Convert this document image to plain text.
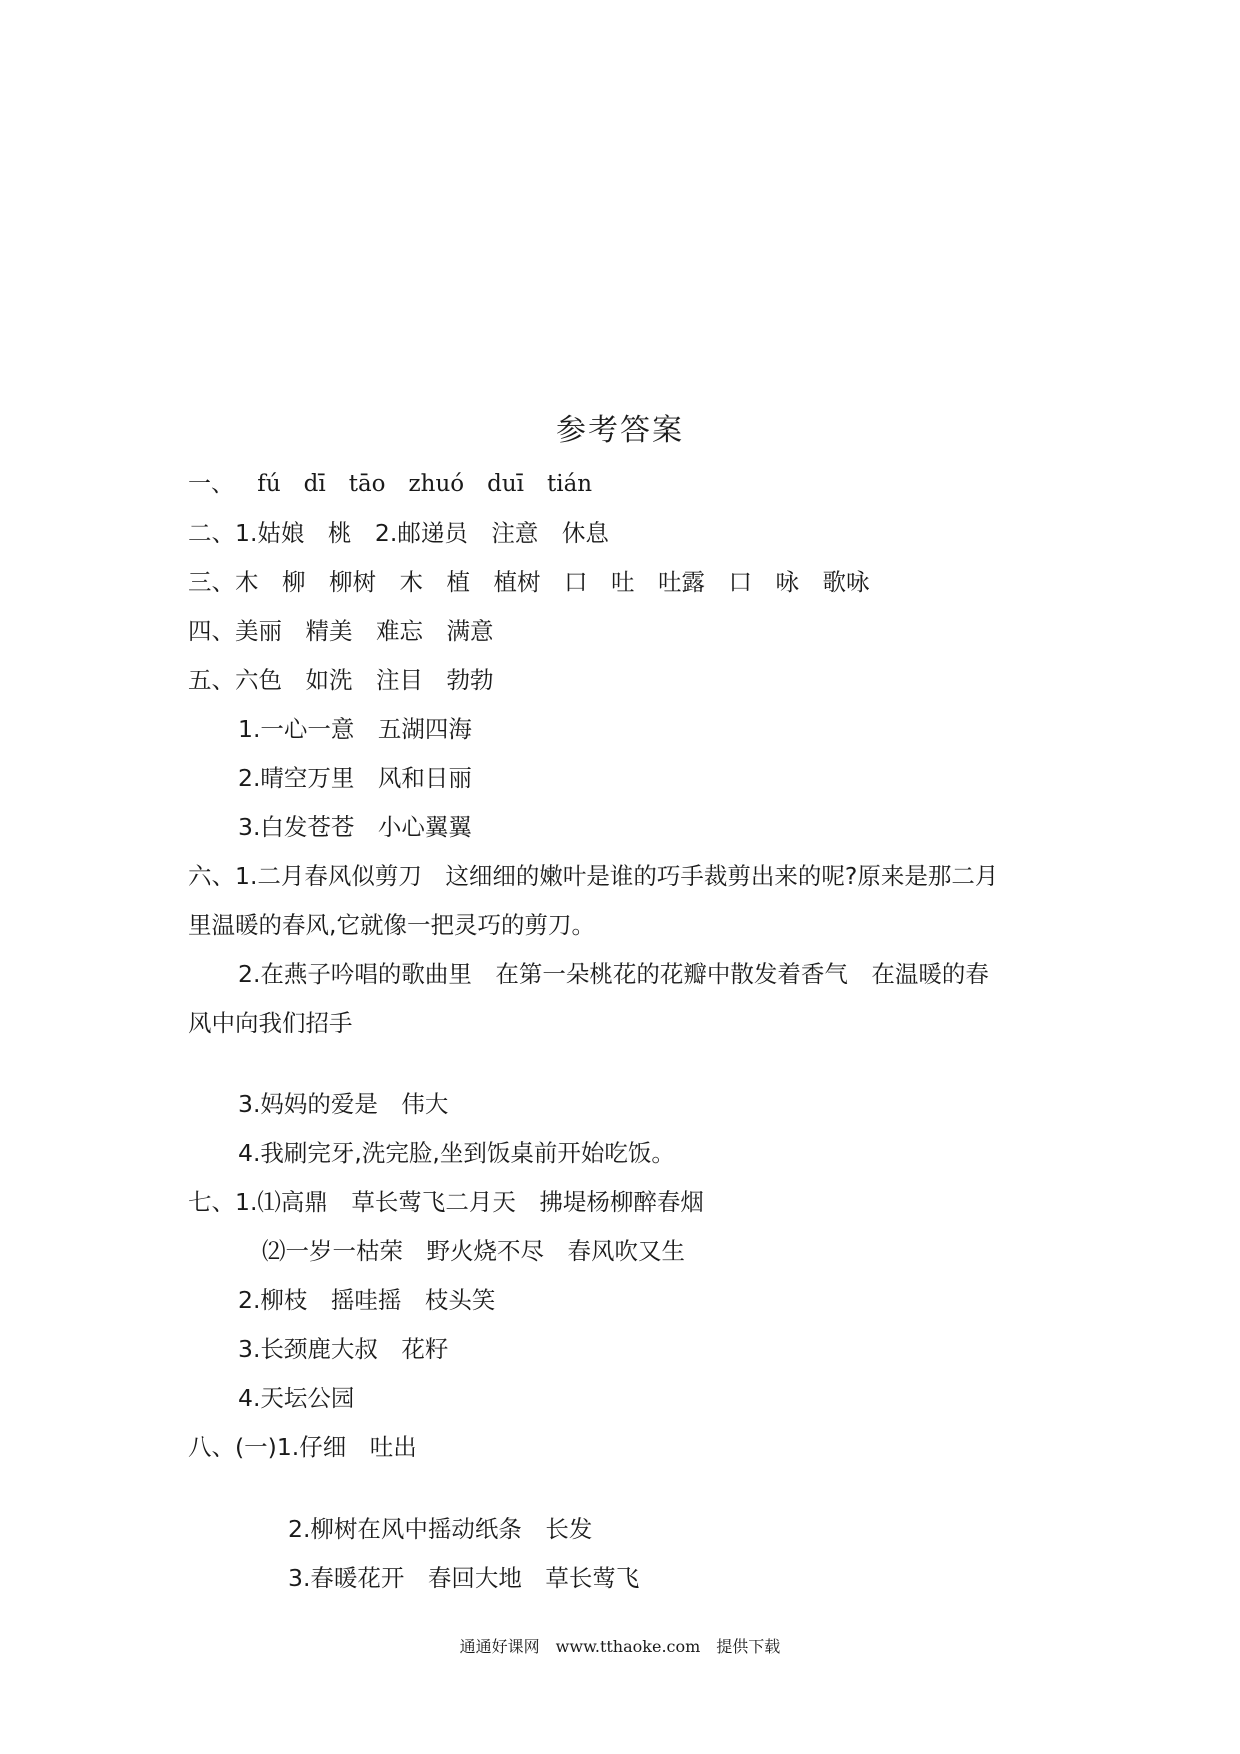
参考答案
一、 fú　dī　tāo　zhuó　duī　tián
二、1.姑娘　桃　2.邮递员　注意　休息
三、木　柳　柳树　木　植　植树　口　吐　吐露　口　咏　歌咏
四、美丽　精美　难忘　满意
五、六色　如洗　注目　勃勃
1.一心一意　五湖四海
2.晴空万里　风和日丽
3.白发苍苍　小心翼翼
六、1.二月春风似剪刀　这细细的嫩叶是谁的巧手裁剪出来的呢?原来是那二月
里温暖的春风,它就像一把灵巧的剪刀。
2.在燕子吟唱的歌曲里　在第一朵桃花的花瓣中散发着香气　在温暖的春
风中向我们招手
3.妈妈的爱是　伟大
4.我刷完牙,洗完脸,坐到饭桌前开始吃饭。
七、1.⑴高鼎　草长莺飞二月天　拂堤杨柳醉春烟
⑵一岁一枯荣　野火烧不尽　春风吹又生
2.柳枝　摇哇摇　枝头笑
3.长颈鹿大叔　花籽
4.天坛公园
八、(一)1.仔细　吐出
2.柳树在风中摇动纸条　长发
3.春暖花开　春回大地　草长莺飞
通通好课网　www.tthaoke.com　提供下载
